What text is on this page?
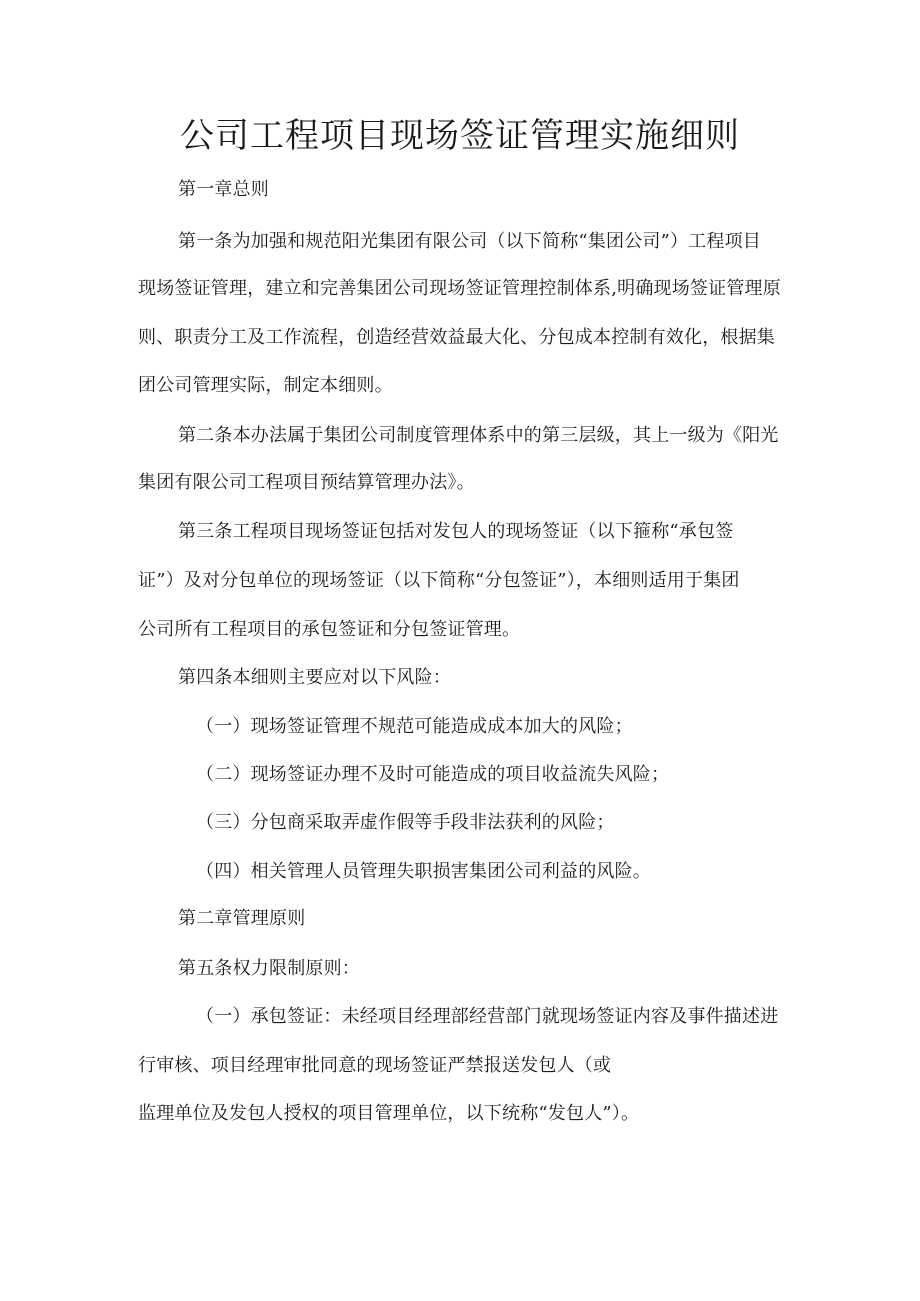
公司工程项目现场签证管理实施细则

第一章总则

第一条为加强和规范阳光集团有限公司（以下简称“集团公司”）工程项目

现场签证管理，建立和完善集团公司现场签证管理控制体系,明确现场签证管理原

则、职责分工及工作流程，创造经营效益最大化、分包成本控制有效化，根据集

团公司管理实际，制定本细则。

第二条本办法属于集团公司制度管理体系中的第三层级，其上一级为《阳光

集团有限公司工程项目预结算管理办法》。

第三条工程项目现场签证包括对发包人的现场签证（以下箍称“承包签

证”）及对分包单位的现场签证（以下简称“分包签证”），本细则适用于集团

公司所有工程项目的承包签证和分包签证管理。

第四条本细则主要应对以下风险：

（一）现场签证管理不规范可能造成成本加大的风险；

（二）现场签证办理不及时可能造成的项目收益流失风险；

（三）分包商采取弄虚作假等手段非法获利的风险；

（四）相关管理人员管理失职损害集团公司利益的风险。

第二章管理原则

第五条权力限制原则：

（一）承包签证：未经项目经理部经营部门就现场签证内容及事件描述进

行审核、项目经理审批同意的现场签证严禁报送发包人（或

监理单位及发包人授权的项目管理单位，以下统称“发包人”）。
